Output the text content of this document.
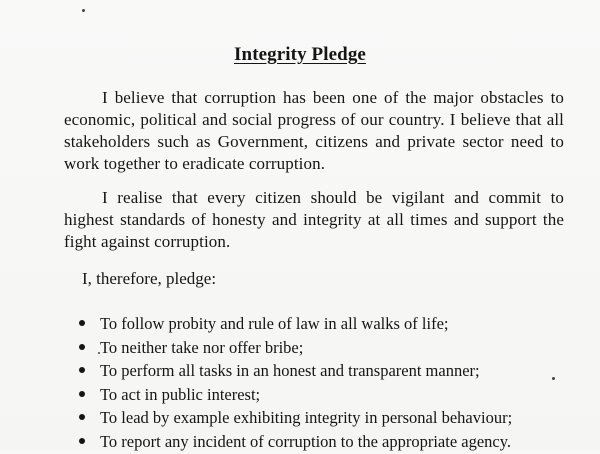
Integrity Pledge
I believe that corruption has been one of the major obstacles to economic, political and social progress of our country. I believe that all stakeholders such as Government, citizens and private sector need to work together to eradicate corruption.
I realise that every citizen should be vigilant and commit to highest standards of honesty and integrity at all times and support the fight against corruption.
I, therefore, pledge:
To follow probity and rule of law in all walks of life;
To neither take nor offer bribe;
To perform all tasks in an honest and transparent manner;
To act in public interest;
To lead by example exhibiting integrity in personal behaviour;
To report any incident of corruption to the appropriate agency.
